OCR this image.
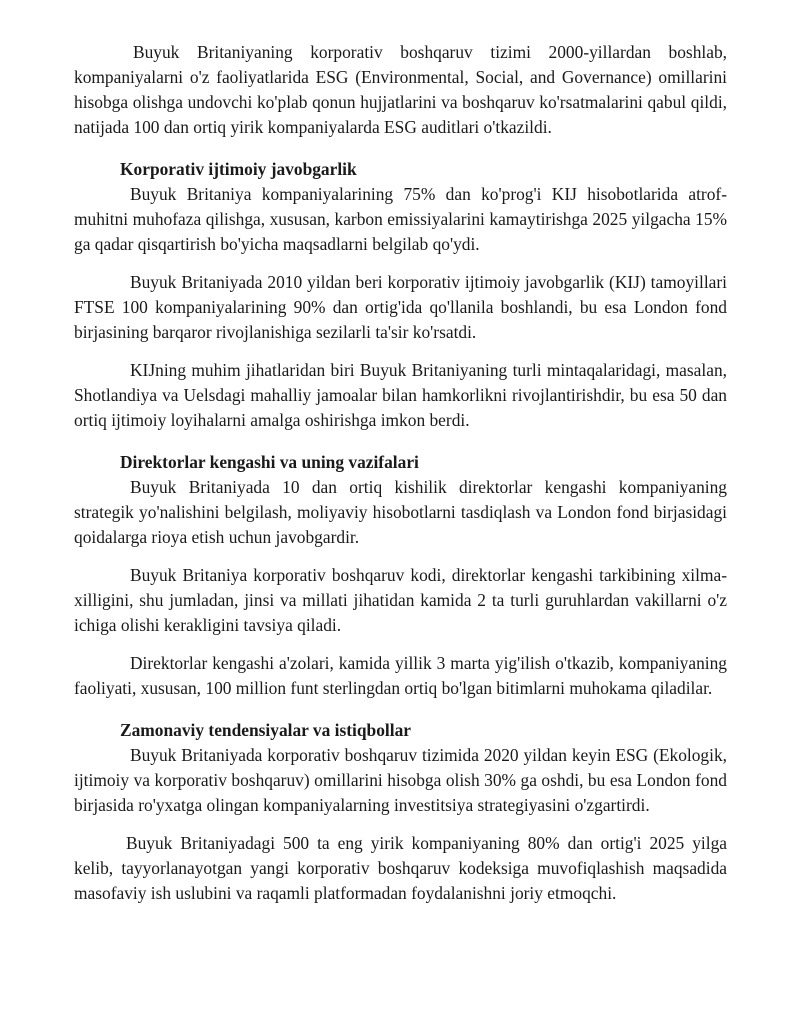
Buyuk Britaniyaning korporativ boshqaruv tizimi 2000-yillardan boshlab, kompaniyalarni o'z faoliyatlarida ESG (Environmental, Social, and Governance) omillarini hisobga olishga undovchi ko'plab qonun hujjatlarini va boshqaruv ko'rsatmalarini qabul qildi, natijada 100 dan ortiq yirik kompaniyalarda ESG auditlari o'tkazildi.

Korporativ ijtimoiy javobgarlik

Buyuk Britaniya kompaniyalarining 75% dan ko'prog'i KIJ hisobotlarida atrof-muhitni muhofaza qilishga, xususan, karbon emissiyalarini kamaytirishga 2025 yilgacha 15% ga qadar qisqartirish bo'yicha maqsadlarni belgilab qo'ydi.

Buyuk Britaniyada 2010 yildan beri korporativ ijtimoiy javobgarlik (KIJ) tamoyillari FTSE 100 kompaniyalarining 90% dan ortig'ida qo'llanila boshlandi, bu esa London fond birjasining barqaror rivojlanishiga sezilarli ta'sir ko'rsatdi.

KIJning muhim jihatlaridan biri Buyuk Britaniyaning turli mintaqalaridagi, masalan, Shotlandiya va Uelsdagi mahalliy jamoalar bilan hamkorlikni rivojlantirishdir, bu esa 50 dan ortiq ijtimoiy loyihalarni amalga oshirishga imkon berdi.

Direktorlar kengashi va uning vazifalari

Buyuk Britaniyada 10 dan ortiq kishilik direktorlar kengashi kompaniyaning strategik yo'nalishini belgilash, moliyaviy hisobotlarni tasdiqlash va London fond birjasidagi qoidalarga rioya etish uchun javobgardir.

Buyuk Britaniya korporativ boshqaruv kodi, direktorlar kengashi tarkibining xilma-xilligini, shu jumladan, jinsi va millati jihatidan kamida 2 ta turli guruhlardan vakillarni o'z ichiga olishi kerakligini tavsiya qiladi.

Direktorlar kengashi a'zolari, kamida yillik 3 marta yig'ilish o'tkazib, kompaniyaning faoliyati, xususan, 100 million funt sterlingdan ortiq bo'lgan bitimlarni muhokama qiladilar.

Zamonaviy tendensiyalar va istiqbollar

Buyuk Britaniyada korporativ boshqaruv tizimida 2020 yildan keyin ESG (Ekologik, ijtimoiy va korporativ boshqaruv) omillarini hisobga olish 30% ga oshdi, bu esa London fond birjasida ro'yxatga olingan kompaniyalarning investitsiya strategiyasini o'zgartirdi.

Buyuk Britaniyadagi 500 ta eng yirik kompaniyaning 80% dan ortig'i 2025 yilga kelib, tayyorlanayotgan yangi korporativ boshqaruv kodeksiga muvofiqlashish maqsadida masofaviy ish uslubini va raqamli platformadan foydalanishni joriy etmoqchi.
